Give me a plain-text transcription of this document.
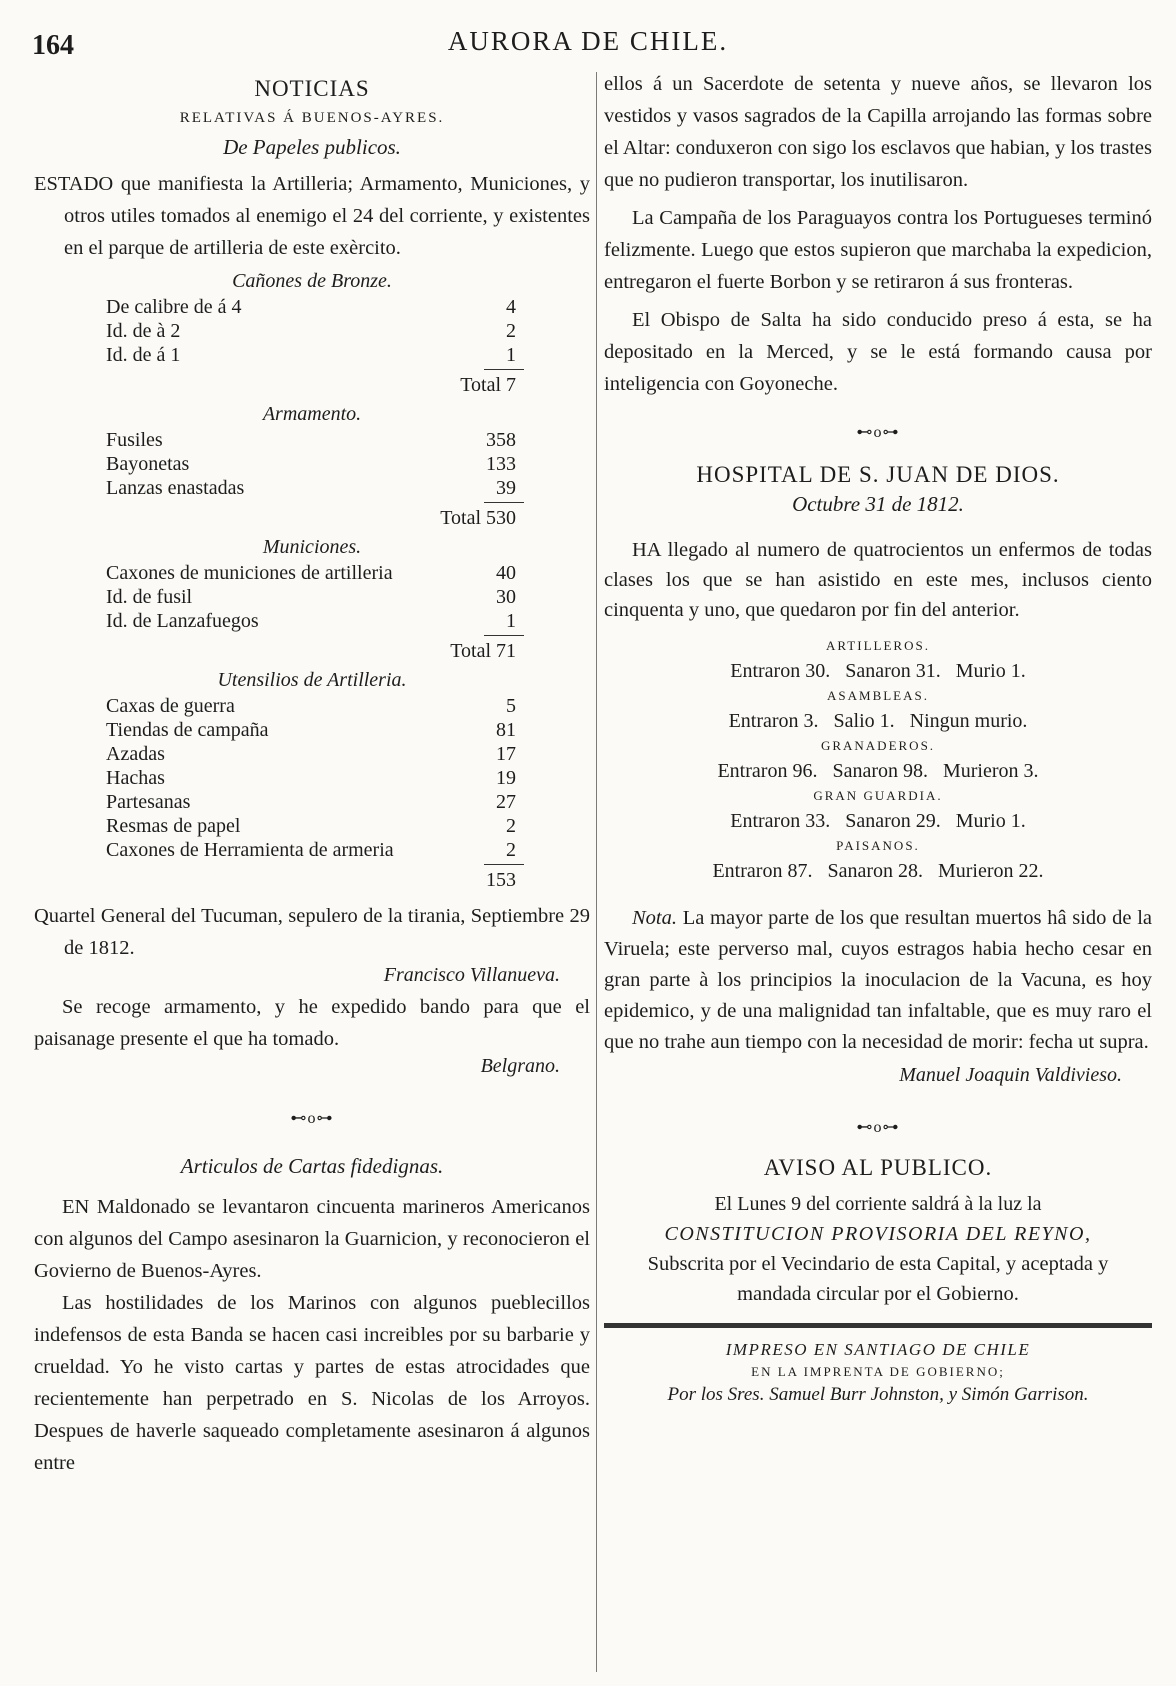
164	AURORA DE CHILE.
NOTICIAS
RELATIVAS Á BUENOS-AYRES.
De Papeles publicos.

ESTADO que manifiesta la Artilleria; Armamento, Municiones, y otros utiles tomados al enemigo el 24 del corriente, y existentes en el parque de artilleria de este exèrcito.

Cañones de Bronze.
De calibre de á 4	4
Id. de à 2	2
Id. de á 1	1
Total 7
Armamento.
Fusiles	358
Bayonetas	133
Lanzas enastadas	39
Total 530
Municiones.
Caxones de municiones de artilleria	40
Id. de fusil	30
Id. de Lanzafuegos	1
Total 71
Utensilios de Artilleria.
Caxas de guerra	5
Tiendas de campaña	81
Azadas	17
Hachas	19
Partesanas	27
Resmas de papel	2
Caxones de Herramienta de armeria	2
153

Quartel General del Tucuman, sepulero de la tirania, Septiembre 29 de 1812.

Francisco Villanueva.

Se recoge armamento, y he expedido bando para que el paisanage presente el que ha tomado.

Belgrano.
⊷o⊶
Articulos de Cartas fidedignas.

EN Maldonado se levantaron cincuenta marineros Americanos con algunos del Campo asesinaron la Guarnicion, y reconocieron el Govierno de Buenos-Ayres.

Las hostilidades de los Marinos con algunos pueblecillos indefensos de esta Banda se hacen casi increibles por su barbarie y crueldad. Yo he visto cartas y partes de estas atrocidades que recientemente han perpetrado en S. Nicolas de los Arroyos. Despues de haverle saqueado completamente asesinaron á algunos entre

ellos á un Sacerdote de setenta y nueve años, se llevaron los vestidos y vasos sagrados de la Capilla arrojando las formas sobre el Altar: conduxeron con sigo los esclavos que habian, y los trastes que no pudieron transportar, los inutilisaron.

La Campaña de los Paraguayos contra los Portugueses terminó felizmente. Luego que estos supieron que marchaba la expedicion, entregaron el fuerte Borbon y se retiraron á sus fronteras.

El Obispo de Salta ha sido conducido preso á esta, se ha depositado en la Merced, y se le está formando causa por inteligencia con Goyoneche.

⊷o⊶
HOSPITAL DE S. JUAN DE DIOS.
Octubre 31 de 1812.

HA llegado al numero de quatrocientos un enfermos de todas clases los que se han asistido en este mes, inclusos ciento cinquenta y uno, que quedaron por fin del anterior.

ARTILLEROS.
Entraron 30.   Sanaron 31.   Murio 1.
ASAMBLEAS.
Entraron 3.   Salio 1.   Ningun murio.
GRANADEROS.
Entraron 96.   Sanaron 98.   Murieron 3.
GRAN GUARDIA.
Entraron 33.   Sanaron 29.   Murio 1.
PAISANOS.
Entraron 87.   Sanaron 28.   Murieron 22.

Nota. La mayor parte de los que resultan muertos hâ sido de la Viruela; este perverso mal, cuyos estragos habia hecho cesar en gran parte à los principios la inoculacion de la Vacuna, es hoy epidemico, y de una malignidad tan infaltable, que es muy raro el que no trahe aun tiempo con la necesidad de morir: fecha ut supra.

Manuel Joaquin Valdivieso.
⊷o⊶
AVISO AL PUBLICO.
El Lunes 9 del corriente saldrá à la luz la
CONSTITUCION PROVISORIA DEL REYNO,

Subscrita por el Vecindario de esta Capital, y aceptada y mandada circular por el Gobierno.

IMPRESO EN SANTIAGO DE CHILE
EN LA IMPRENTA DE GOBIERNO;
Por los Sres. Samuel Burr Johnston, y Simón Garrison.
